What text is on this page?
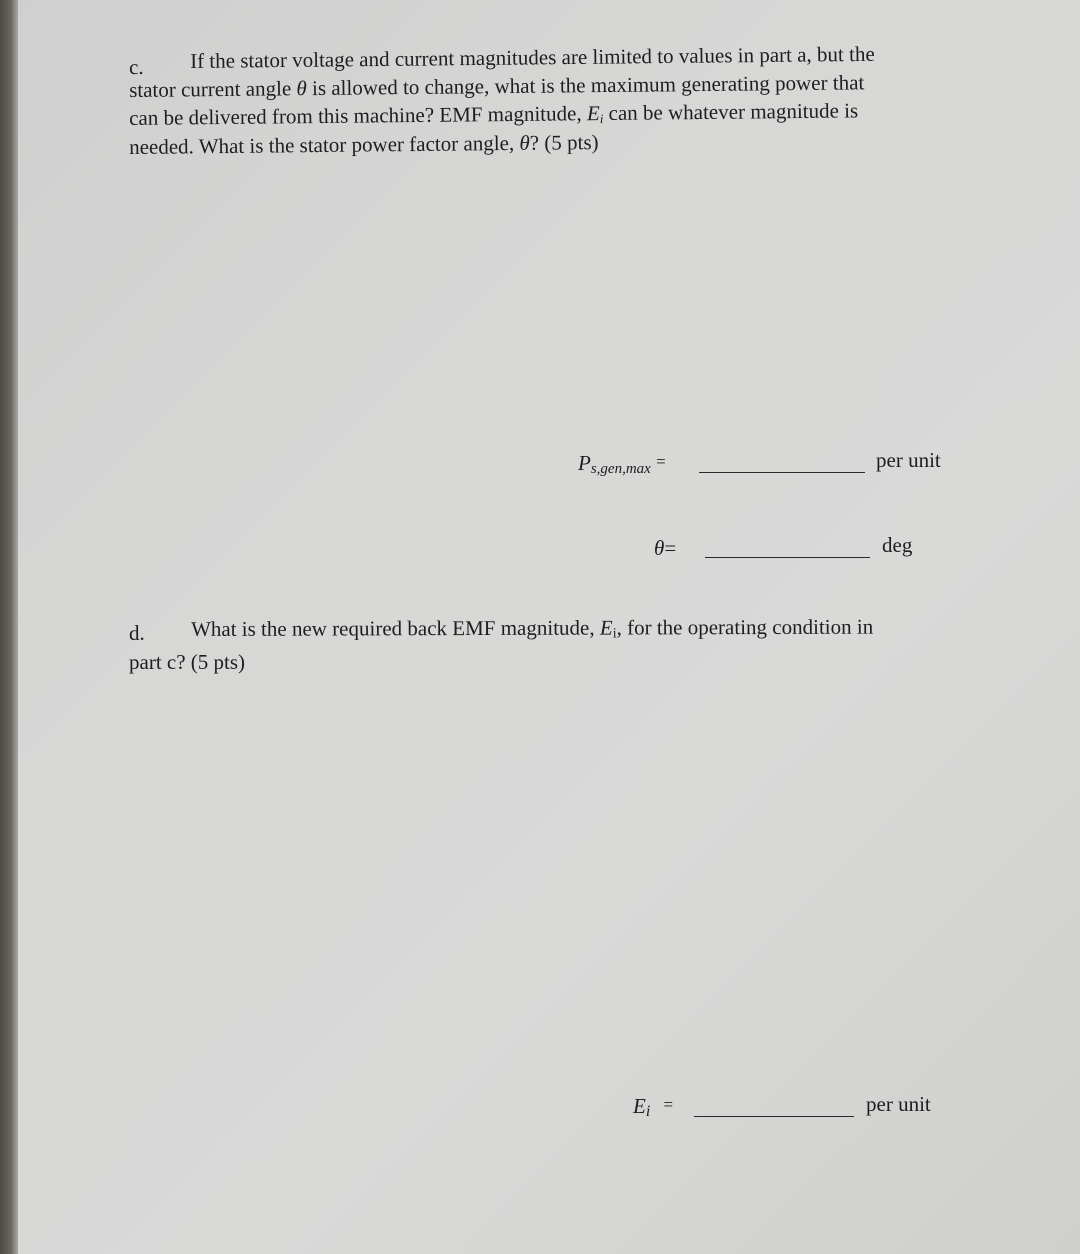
c. If the stator voltage and current magnitudes are limited to values in part a, but the
stator current angle θ is allowed to change, what is the maximum generating power that
can be delivered from this machine? EMF magnitude, Ei can be whatever magnitude is
needed. What is the stator power factor angle, θ? (5 pts)
Ps,gen,max =	per unit
θ=	deg
d. What is the new required back EMF magnitude, Ei, for the operating condition in
part c? (5 pts)
Ei =	per unit
